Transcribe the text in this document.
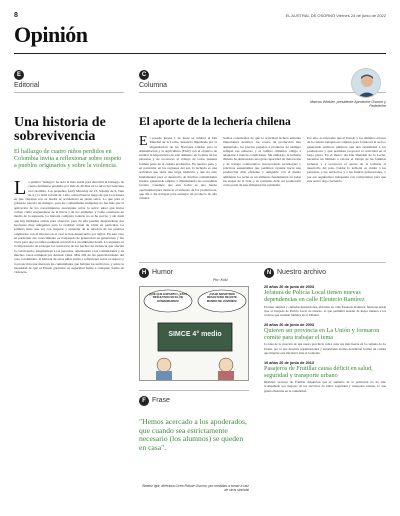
8	EL AUSTRAL DE OSORNO Viernes 24 de junio de 2022
Opinión
E
Editorial
Una historia de sobrevivencia

El hallazgo de cuatro niños perdidos en Colombia invita a reflexionar sobre respeto a pueblos originarios y sobre la violencia.

L a palabra "milagro" ha sido la más usada para describir el hallazgo de cuatro hermanos perdidos por más de 40 días en la selva del Guaviare en Colombia. Los pequeños Lesly Mucutuy de 13, Soleiny de 9, Tien de 4 y la bebé Cristin de 1 año, sobrevivieron luego de que la avioneta en que viajaban con su madre se accidentara en plena selva. Lo que para el gobierno parecía un milagro, para las comunidades indígenas no fue más que la aplicación de los conocimientos ancestrales sobre la selva: saber qué frutos comer, cómo resguardarse de la lluvia y de los animales, y cómo orientarse en medio de la espesura. La historia completa todavía no se ha escrito y sin duda que hay múltiples aristas para observar, pero de ella pueden desprenderse dos lecciones muy atingentes para la realidad actual de Chile en particular. La primera tiene que ver con respetar y aprender de la relación de los pueblos originarios con el entorno en el cual se han desenvuelto por siglos. En este caso en particular ese conocimiento es traspasado de generación en generación y fue clave para que los niños pudieran sobrevivir a un ambiente hostil. La segunda, es la importancia de proteger los territorios de los hechos de violencia que afectan la convivencia, estigmatizan a las personas, amedrentan a las comunidades y en muchos casos terminan por destruir vidas. Más allá de las particularidades del caso colombiano, la historia de estos niños invita a reflexionar sobre el respeto y la protección que merecen las comunidades que habitan los territorios, y sobre la necesidad de que el Estado garantice su seguridad frente a cualquier forma de violencia.
C
Columna
Marcos Winkler, presidente Aproleche Osorno y Fedeleche
El aporte de la lechería chilena
E l pasado jueves 1 de junio se celebró el Día Mundial de la Leche, instancia impulsada por la Organización de las Naciones Unidas para la Alimentación y la Agricultura (FAO) con el objetivo de resaltar la importancia de este alimento en la dieta de las personas y de reconocer el trabajo de todos quienes forman parte de la cadena productiva. En nuestro país, y en particular en las regiones del sur, la lechería es una actividad que tiene una larga tradición y que ha sido fundamental para el desarrollo de muchas comunidades rurales, generando empleo y dinamizando las economías locales. Creemos que esta fecha es una buena oportunidad para destacar el esfuerzo de los productores, que día a día trabajan para entregar un producto de alta calidad.
Somos conscientes de que la actividad lechera enfrenta importantes desafíos: los costos de producción han aumentado, los precios pagados a productor no siempre reflejan ese esfuerzo y el cambio climático obliga a adaptarse a nuevas condiciones. Sin embargo, la lechería chilena ha demostrado una gran capacidad de innovación y de trabajo colaborativo, incorporando tecnologías y prácticas sustentables que permiten avanzar hacia una producción más eficiente y amigable con el medio ambiente. La leche es un alimento fundamental en todas las etapas de la vida, y su consumo debe ser promovido como parte de una alimentación saludable.
Por ello, es relevante que el Estado y los distintos actores de la cadena trabajen en conjunto para fortalecer el sector, generando políticas públicas que den estabilidad a los productores y que permitan proyectar la actividad en el largo plazo. En el marco del Día Mundial de la Leche, hacemos un llamado a valorar el trabajo de las familias lecheras y a reconocer el aporte de la lechería al desarrollo del país. Cuidar la lechería es cuidar a las personas, a los territorios y a las futuras generaciones, y por eso seguiremos trabajando con compromiso para que este sector siga creciendo.
H Humor
Por: Koki
¡QUÉ QUE ESPANTO! ¿ESTA RESULTADO EN EL DE HUMANIDADES!
¡VIAJE NOSOTROS RESULTADO DE ESTE MUNDO DE JÓVENES!
SIMCE 4° medio
F Frase

"Hemos acercado a los apoderados, que cuando sea estrictamente necesario (los alumnos) se queden en casa".

Beatriz Igor, directora Liceo Rahue Osorno, por medidas a tomar a raíz de virus sincicial

N Nuestro archivo
20 años 20 de junio de 2003
Jefatura de Policía Local tienen nuevas dependencias en calle Eleuterio Ramírez
En unas amplias y cómodas instalaciones, ubicadas en calle Eleuterio Ramírez, funciona desde ayer el Juzgado de Policía Local de Osorno, lo que permitirá atender de mejor manera a los vecinos que realizan trámites en el tribunal.
20 años 20 de junio de 2003
Quieren ser provincia en La Unión y formaron comité para trabajar el tema
La idea de la creación de una nueva provincia cobra cada vez más fuerza en la comuna de La Unión, por lo que diversas organizaciones y autoridades locales decidieron formar un comité que impulse esta iniciativa ante el Gobierno.
10 años 20 de junio de 2013
Pasajeros de Frutillar causa déficit en salud, seguridad y transporte urbano
Distintos sectores de Frutillar denuncian que el aumento de la población no ha sido acompañado por mejoras en los servicios de salud, seguridad y transporte urbano, lo que genera molestia en la comunidad.
